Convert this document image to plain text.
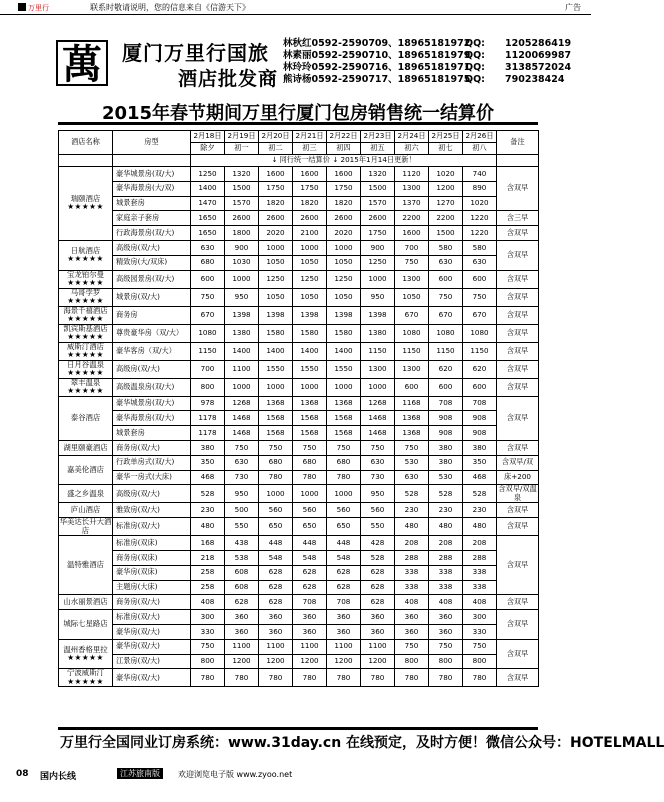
万里行	联系时敬请说明，您的信息来自《信游天下》	广告
萬 厦门万里行国旅
酒店批发商
林秋红0592-2590709、18965181972
QQ:	1205286419
林素丽0592-2590710、18965181979
QQ:	1120069987
林玲玲0592-2590716、18965181971
QQ:	3138572024
熊诗杨0592-2590717、18965181975
QQ:	790238424
2015年春节期间万里行厦门包房销售统一结算价
酒店名称	房型	2月18日	2月19日	2月20日	2月21日	2月22日	2月23日	2月24日	2月25日	2月26日	备注
		除夕	初一	初二	初三	初四	初五	初六	初七	初八	
		↓ 同行统一结算价 ↓ 2015年1月14日更新！									
瑞颐酒店
★★★★★	豪华城景房(双/大)	1250	1320	1600	1600	1600	1320	1120	1020	740	含双早
	豪华海景房(大/双)	1400	1500	1750	1750	1750	1500	1300	1200	890	
	城景套房	1470	1570	1820	1820	1820	1570	1370	1270	1020	
	家庭亲子套房	1650	2600	2600	2600	2600	2600	2200	2200	1220	含三早
	行政海景房(双/大)	1650	1800	2020	2100	2020	1750	1600	1500	1220	含双早
日航酒店
★★★★★	高级房(双/大)	630	900	1000	1000	1000	900	700	580	580	含双早
	精致房(大/双床)	680	1030	1050	1050	1050	1250	750	630	630	
宝龙铂尔曼
★★★★★	高级园景房(双/大)	600	1000	1250	1250	1250	1000	1300	600	600	含双早
马哥孛罗
★★★★★	城景房(双/大)	750	950	1050	1050	1050	950	1050	750	750	含双早
海景千禧酒店
★★★★★	商务房	670	1398	1398	1398	1398	1398	670	670	670	含双早
凯宾斯基酒店
★★★★★	尊贵豪华房（双/大）	1080	1380	1580	1580	1580	1380	1080	1080	1080	含双早
威斯汀酒店
★★★★★	豪华客房（双/大）	1150	1400	1400	1400	1400	1150	1150	1150	1150	含双早
日月谷温泉
★★★★★	高级房(双/大)	700	1100	1550	1550	1550	1300	1300	620	620	含双早
翠丰温泉
★★★★★	高级温泉房(双/大)	800	1000	1000	1000	1000	1000	600	600	600	含双早
泰谷酒店	豪华城景房(双/大)	978	1268	1368	1368	1368	1268	1168	708	708	含双早
	豪华海景房(双/大)	1178	1468	1568	1568	1568	1468	1368	908	908	
	城景套房	1178	1468	1568	1568	1568	1468	1368	908	908	
湖里颐豪酒店	商务房(双/大)	380	750	750	750	750	750	750	380	380	含双早
嘉美伦酒店	行政单房式(双/大)	350	630	680	680	680	630	530	380	350	含双早/双
	豪华一房式(大床)	468	730	780	780	780	730	630	530	468	床+200
盛之乡温泉	高级房(双/大)	528	950	1000	1000	1000	950	528	528	528	含双早/双温泉
庐山酒店	雅致房(双/大)	230	500	560	560	560	560	230	230	230	含双早
华美达长升大酒店	标准房(双/大)	480	550	650	650	650	550	480	480	480	含双早
温特雅酒店	标准房(双床)	168	438	448	448	448	428	208	208	208	含双早
	商务房(双床)	218	538	548	548	548	528	288	288	288	
	豪华房(双床)	258	608	628	628	628	628	338	338	338	
	主题房(大床)	258	608	628	628	628	628	338	338	338	
山水丽景酒店	商务房(双/大)	408	628	628	708	708	628	408	408	408	含双早
城际七星路店	标准房(双/大)	300	360	360	360	360	360	360	360	300	含双早
	豪华房(双/大)	330	360	360	360	360	360	360	360	330	
温州香格里拉
★★★★★	豪华房(双/大)	750	1100	1100	1100	1100	1100	750	750	750	含双早
	江景房(双/大)	800	1200	1200	1200	1200	1200	800	800	800	
宁波威斯汀
★★★★★	豪华房(双/大)	780	780	780	780	780	780	780	780	780	含双早
万里行全国同业订房系统：www.31day.cn 在线预定，及时方便！微信公众号：HOTELMALL
08 国内长线	江苏旅南版	欢迎浏览电子版 www.zyoo.net
